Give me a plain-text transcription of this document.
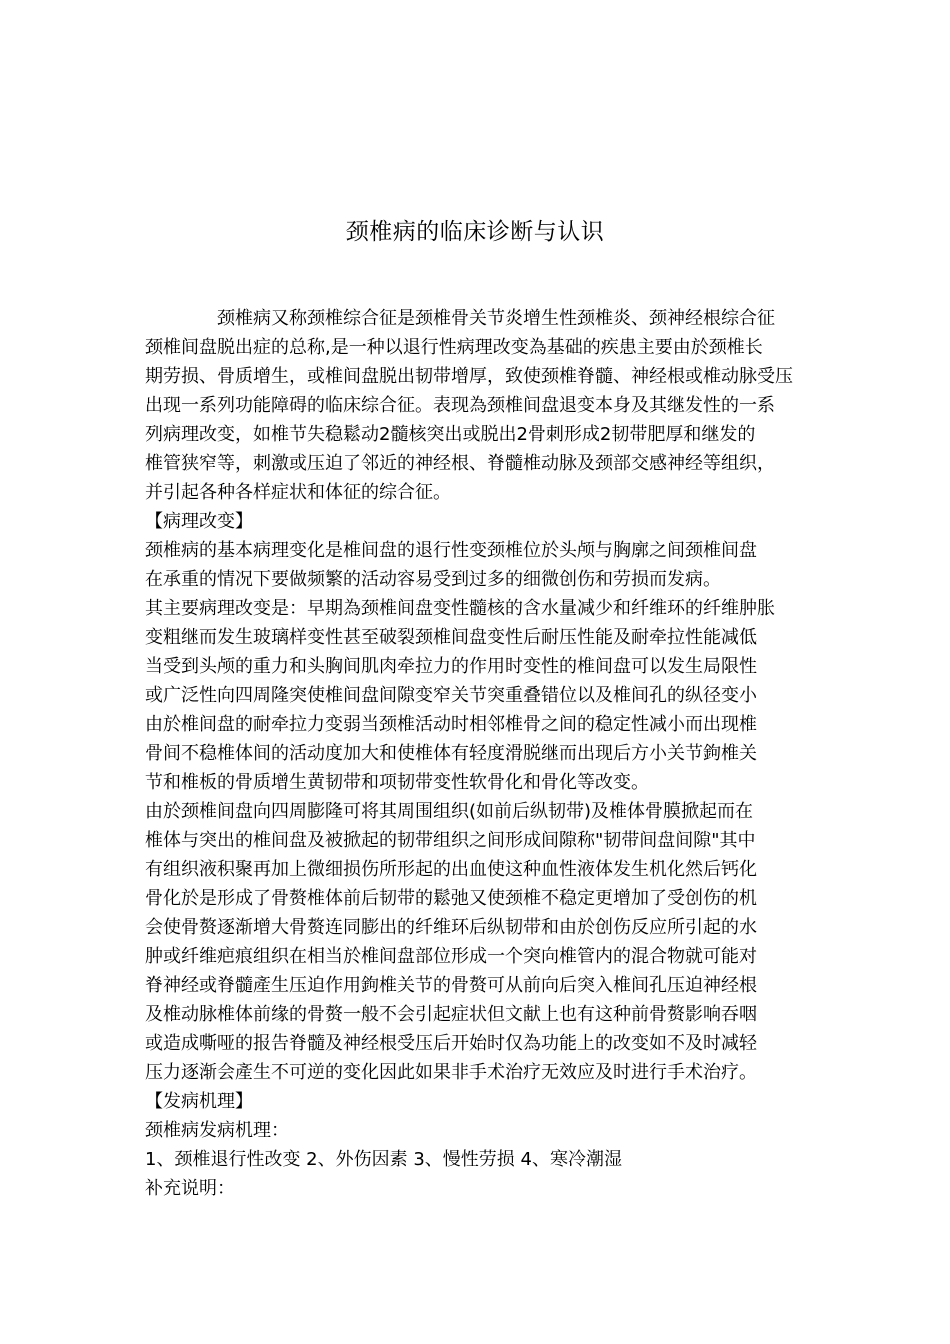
颈椎病的临床诊断与认识

颈椎病又称颈椎综合征是颈椎骨关节炎增生性颈椎炎、颈神经根综合征

颈椎间盘脱出症的总称,是一种以退行性病理改变為基础的疾患主要由於颈椎长

期劳损、骨质增生，或椎间盘脱出韧带增厚，致使颈椎脊髓、神经根或椎动脉受压

出现一系列功能障碍的临床综合征。表现為颈椎间盘退变本身及其继发性的一系

列病理改变，如椎节失稳鬆动2髓核突出或脱出2骨刺形成2韧带肥厚和继发的

椎管狭窄等，刺激或压迫了邻近的神经根、脊髓椎动脉及颈部交感神经等组织，

并引起各种各样症状和体征的综合征。

【病理改变】

颈椎病的基本病理变化是椎间盘的退行性变颈椎位於头颅与胸廓之间颈椎间盘

在承重的情况下要做频繁的活动容易受到过多的细微创伤和劳损而发病。

其主要病理改变是：早期為颈椎间盘变性髓核的含水量减少和纤维环的纤维肿胀

变粗继而发生玻璃样变性甚至破裂颈椎间盘变性后耐压性能及耐牵拉性能减低

当受到头颅的重力和头胸间肌肉牵拉力的作用时变性的椎间盘可以发生局限性

或广泛性向四周隆突使椎间盘间隙变窄关节突重叠错位以及椎间孔的纵径变小

由於椎间盘的耐牵拉力变弱当颈椎活动时相邻椎骨之间的稳定性减小而出现椎

骨间不稳椎体间的活动度加大和使椎体有轻度滑脱继而出现后方小关节鉤椎关

节和椎板的骨质增生黄韧带和项韧带变性软骨化和骨化等改变。

由於颈椎间盘向四周膨隆可将其周围组织(如前后纵韧带)及椎体骨膜掀起而在

椎体与突出的椎间盘及被掀起的韧带组织之间形成间隙称"韧带间盘间隙"其中

有组织液积聚再加上微细损伤所形起的出血使这种血性液体发生机化然后钙化

骨化於是形成了骨赘椎体前后韧带的鬆弛又使颈椎不稳定更增加了受创伤的机

会使骨赘逐渐增大骨赘连同膨出的纤维环后纵韧带和由於创伤反应所引起的水

肿或纤维疤痕组织在相当於椎间盘部位形成一个突向椎管内的混合物就可能对

脊神经或脊髓產生压迫作用鉤椎关节的骨赘可从前向后突入椎间孔压迫神经根

及椎动脉椎体前缘的骨赘一般不会引起症状但文献上也有这种前骨赘影响吞咽

或造成嘶哑的报告脊髓及神经根受压后开始时仅為功能上的改变如不及时减轻

压力逐渐会產生不可逆的变化因此如果非手术治疗无效应及时进行手术治疗。

【发病机理】

颈椎病发病机理：

1、颈椎退行性改变 2、外伤因素 3、慢性劳损 4、寒冷潮湿

补充说明：
